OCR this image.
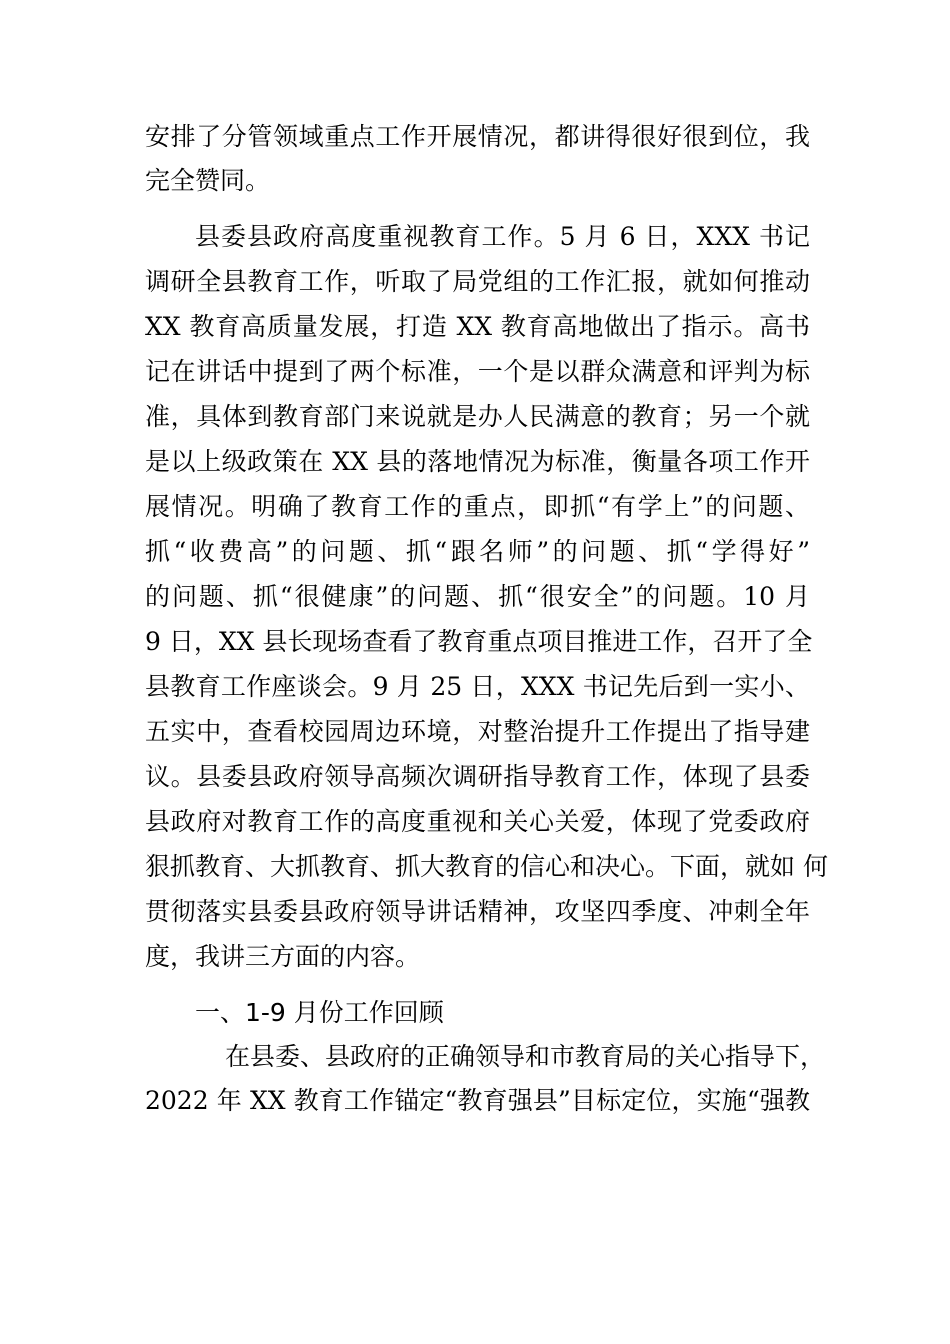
安排了分管领域重点工作开展情况，都讲得很好很到位，我
完全赞同。
县委县政府高度重视教育工作。5 月 6 日，XXX 书记
调研全县教育工作，听取了局党组的工作汇报，就如何推动
XX 教育高质量发展，打造 XX 教育高地做出了指示。高书
记在讲话中提到了两个标准，一个是以群众满意和评判为标
准，具体到教育部门来说就是办人民满意的教育；另一个就
是以上级政策在 XX 县的落地情况为标准，衡量各项工作开
展情况。明确了教育工作的重点，即抓“有学上”的问题、
抓“收费高”的问题、抓“跟名师”的问题、抓“学得好”
的问题、抓“很健康”的问题、抓“很安全”的问题。10 月
9 日，XX 县长现场查看了教育重点项目推进工作，召开了全
县教育工作座谈会。9 月 25 日，XXX 书记先后到一实小、
五实中，查看校园周边环境，对整治提升工作提出了指导建
议。县委县政府领导高频次调研指导教育工作，体现了县委
县政府对教育工作的高度重视和关心关爱，体现了党委政府
狠抓教育、大抓教育、抓大教育的信心和决心。下面，就如 何
贯彻落实县委县政府领导讲话精神，攻坚四季度、冲刺全年
度，我讲三方面的内容。
一、1-9 月份工作回顾
在县委、县政府的正确领导和市教育局的关心指导下，
2022 年 XX 教育工作锚定“教育强县”目标定位，实施“强教
